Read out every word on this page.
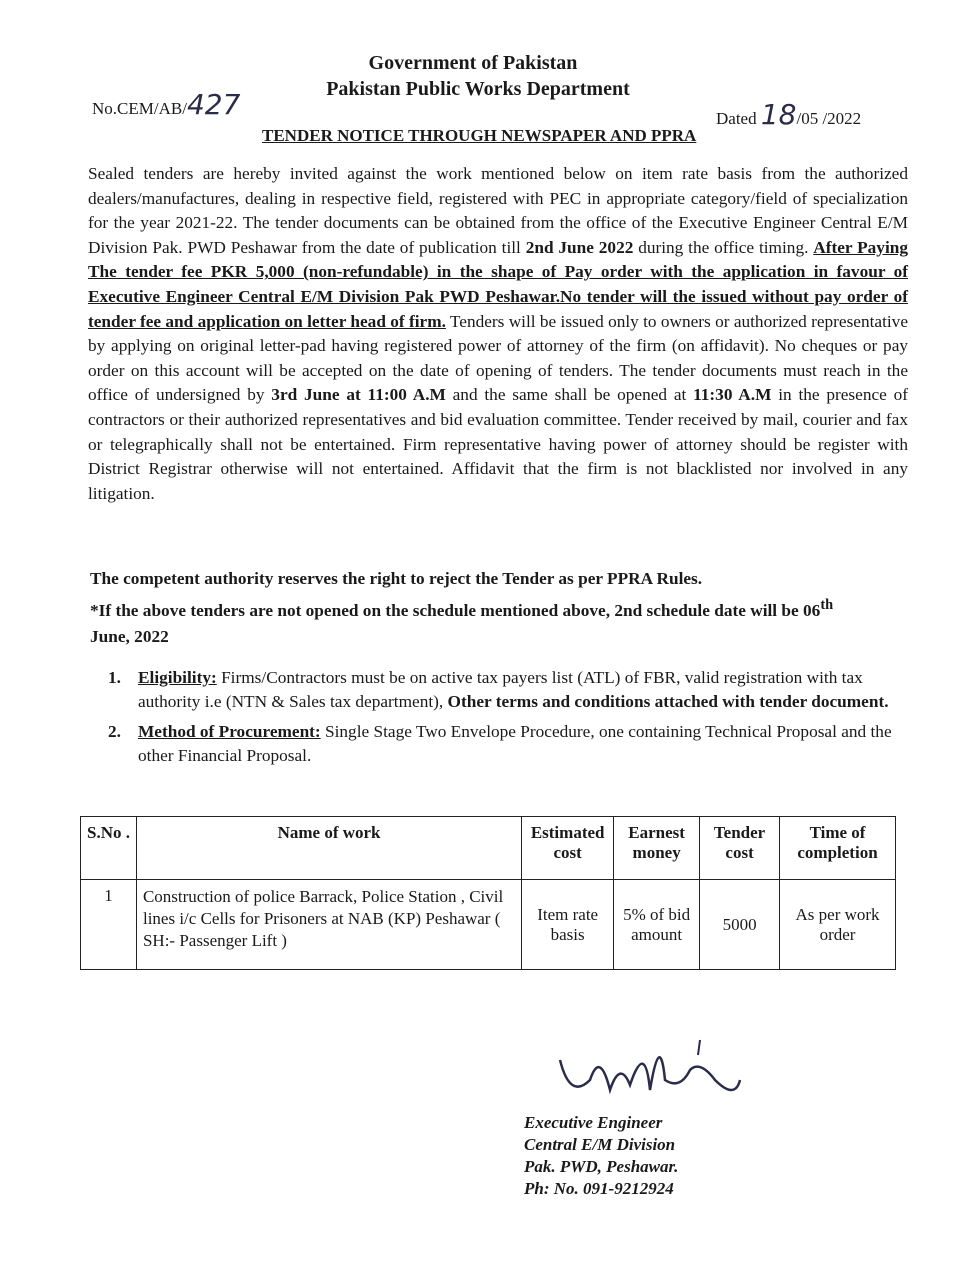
Government of Pakistan
Pakistan Public Works Department
No.CEM/AB/427	Dated 18/05 /2022
TENDER NOTICE THROUGH NEWSPAPER AND PPRA
Sealed tenders are hereby invited against the work mentioned below on item rate basis from the authorized dealers/manufactures, dealing in respective field, registered with PEC in appropriate category/field of specialization for the year 2021-22. The tender documents can be obtained from the office of the Executive Engineer Central E/M Division Pak. PWD Peshawar from the date of publication till 2nd June 2022 during the office timing. After Paying The tender fee PKR 5,000 (non-refundable) in the shape of Pay order with the application in favour of Executive Engineer Central E/M Division Pak PWD Peshawar.No tender will the issued without pay order of tender fee and application on letter head of firm. Tenders will be issued only to owners or authorized representative by applying on original letter-pad having registered power of attorney of the firm (on affidavit). No cheques or pay order on this account will be accepted on the date of opening of tenders. The tender documents must reach in the office of undersigned by 3rd June at 11:00 A.M and the same shall be opened at 11:30 A.M in the presence of contractors or their authorized representatives and bid evaluation committee. Tender received by mail, courier and fax or telegraphically shall not be entertained. Firm representative having power of attorney should be register with District Registrar otherwise will not entertained. Affidavit that the firm is not blacklisted nor involved in any litigation.
The competent authority reserves the right to reject the Tender as per PPRA Rules.
*If the above tenders are not opened on the schedule mentioned above, 2nd schedule date will be 06th
June, 2022
1. Eligibility: Firms/Contractors must be on active tax payers list (ATL) of FBR, valid registration with tax authority i.e (NTN & Sales tax department), Other terms and conditions attached with tender document.
2. Method of Procurement: Single Stage Two Envelope Procedure, one containing Technical Proposal and the other Financial Proposal.
S.No .	Name of work	Estimated cost	Earnest money	Tender cost	Time of completion
1	Construction of police Barrack, Police Station , Civil lines i/c Cells for Prisoners at NAB (KP) Peshawar ( SH:- Passenger Lift )	Item rate basis	5% of bid amount	5000	As per work order
Executive Engineer
Central E/M Division
Pak. PWD, Peshawar.
Ph: No. 091-9212924
